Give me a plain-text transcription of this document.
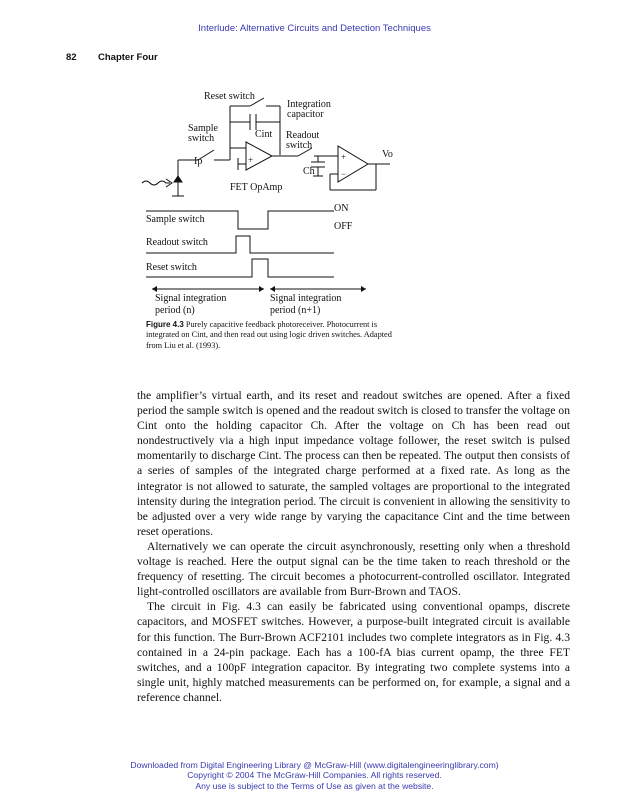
Interlude: Alternative Circuits and Detection Techniques
82 Chapter Four
+	+
−
Reset switch
Integration
capacitor
Sample
switch	Cint Readout
switch
Ip
Ch
Vo
FET OpAmp
ON
OFF
Sample switch
Readout switch
Reset switch
Signal integration
period (n)
Signal integration
period (n+1)
Figure 4.3 Purely capacitive feedback photoreceiver. Photocurrent is integrated on Cint, and then read out using logic driven switches. Adapted from Liu et al. (1993).

the amplifier’s virtual earth, and its reset and readout switches are opened. After a fixed period the sample switch is opened and the readout switch is closed to transfer the voltage on Cint onto the holding capacitor Ch. After the voltage on Ch has been read out nondestructively via a high input impedance voltage follower, the reset switch is pulsed momentarily to discharge Cint. The process can then be repeated. The output then consists of a series of samples of the integrated charge performed at a fixed rate. As long as the integrator is not allowed to saturate, the sampled voltages are proportional to the integrated intensity during the integration period. The circuit is convenient in allowing the sensitivity to be adjusted over a very wide range by varying the capacitance Cint and the time between reset operations.

Alternatively we can operate the circuit asynchronously, resetting only when a threshold voltage is reached. Here the output signal can be the time taken to reach threshold or the frequency of resetting. The circuit becomes a photocurrent-controlled oscillator. Integrated light-controlled oscillators are available from Burr-Brown and TAOS.

The circuit in Fig. 4.3 can easily be fabricated using conventional opamps, discrete capacitors, and MOSFET switches. However, a purpose-built integrated circuit is available for this function. The Burr-Brown ACF2101 includes two complete integrators as in Fig. 4.3 contained in a 24-pin package. Each has a 100-fA bias current opamp, the three FET switches, and a 100pF integration capacitor. By integrating two complete systems into a single unit, highly matched measurements can be performed on, for example, a signal and a reference channel.

Downloaded from Digital Engineering Library @ McGraw-Hill (www.digitalengineeringlibrary.com)
Copyright © 2004 The McGraw-Hill Companies. All rights reserved.
Any use is subject to the Terms of Use as given at the website.
